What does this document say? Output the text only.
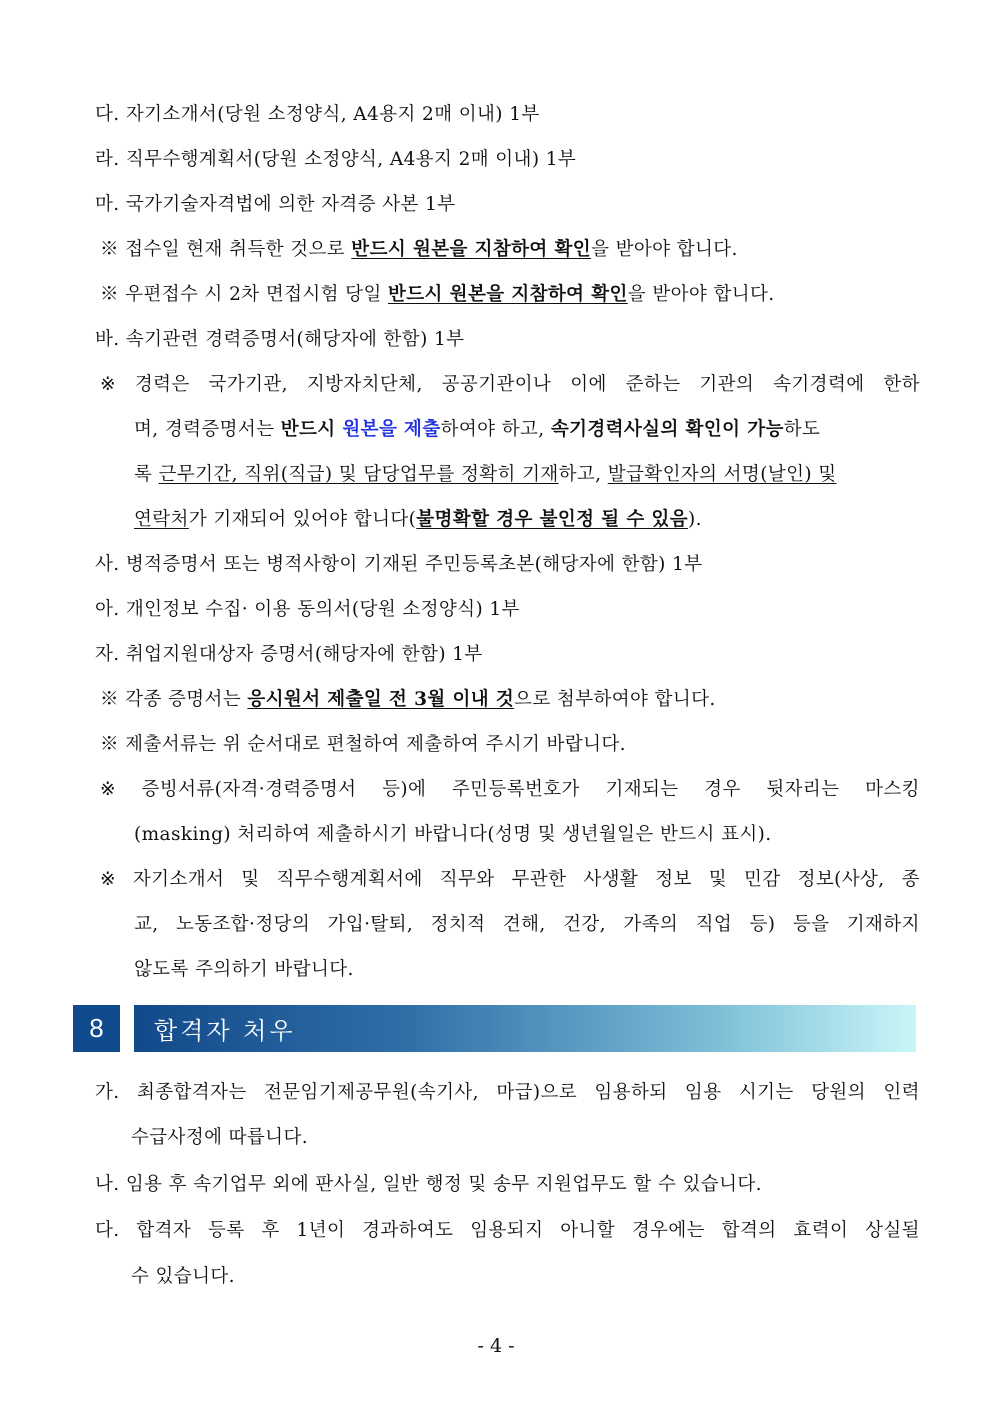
다. 자기소개서(당원 소정양식, A4용지 2매 이내) 1부
라. 직무수행계획서(당원 소정양식, A4용지 2매 이내) 1부
마. 국가기술자격법에 의한 자격증 사본 1부
※ 접수일 현재 취득한 것으로 반드시 원본을 지참하여 확인을 받아야 합니다.
※ 우편접수 시 2차 면접시험 당일 반드시 원본을 지참하여 확인을 받아야 합니다.
바. 속기관련 경력증명서(해당자에 한함) 1부
※ 경력은 국가기관, 지방자치단체, 공공기관이나 이에 준하는 기관의 속기경력에 한하
며, 경력증명서는 반드시 원본을 제출하여야 하고, 속기경력사실의 확인이 가능하도
록 근무기간, 직위(직급) 및 담당업무를 정확히 기재하고, 발급확인자의 서명(날인) 및
연락처가 기재되어 있어야 합니다(불명확할 경우 불인정 될 수 있음).
사. 병적증명서 또는 병적사항이 기재된 주민등록초본(해당자에 한함) 1부
아. 개인정보 수집· 이용 동의서(당원 소정양식) 1부
자. 취업지원대상자 증명서(해당자에 한함) 1부
※ 각종 증명서는 응시원서 제출일 전 3월 이내 것으로 첨부하여야 합니다.
※ 제출서류는 위 순서대로 편철하여 제출하여 주시기 바랍니다.
※ 증빙서류(자격·경력증명서 등)에 주민등록번호가 기재되는 경우 뒷자리는 마스킹
(masking) 처리하여 제출하시기 바랍니다(성명 및 생년월일은 반드시 표시).
※ 자기소개서 및 직무수행계획서에 직무와 무관한 사생활 정보 및 민감 정보(사상, 종
교, 노동조합·정당의 가입·탈퇴, 정치적 견해, 건강, 가족의 직업 등) 등을 기재하지
않도록 주의하기 바랍니다.
8	합격자 처우
가. 최종합격자는 전문임기제공무원(속기사, 마급)으로 임용하되 임용 시기는 당원의 인력
수급사정에 따릅니다.
나. 임용 후 속기업무 외에 판사실, 일반 행정 및 송무 지원업무도 할 수 있습니다.
다. 합격자 등록 후 1년이 경과하여도 임용되지 아니할 경우에는 합격의 효력이 상실될
수 있습니다.
- 4 -
